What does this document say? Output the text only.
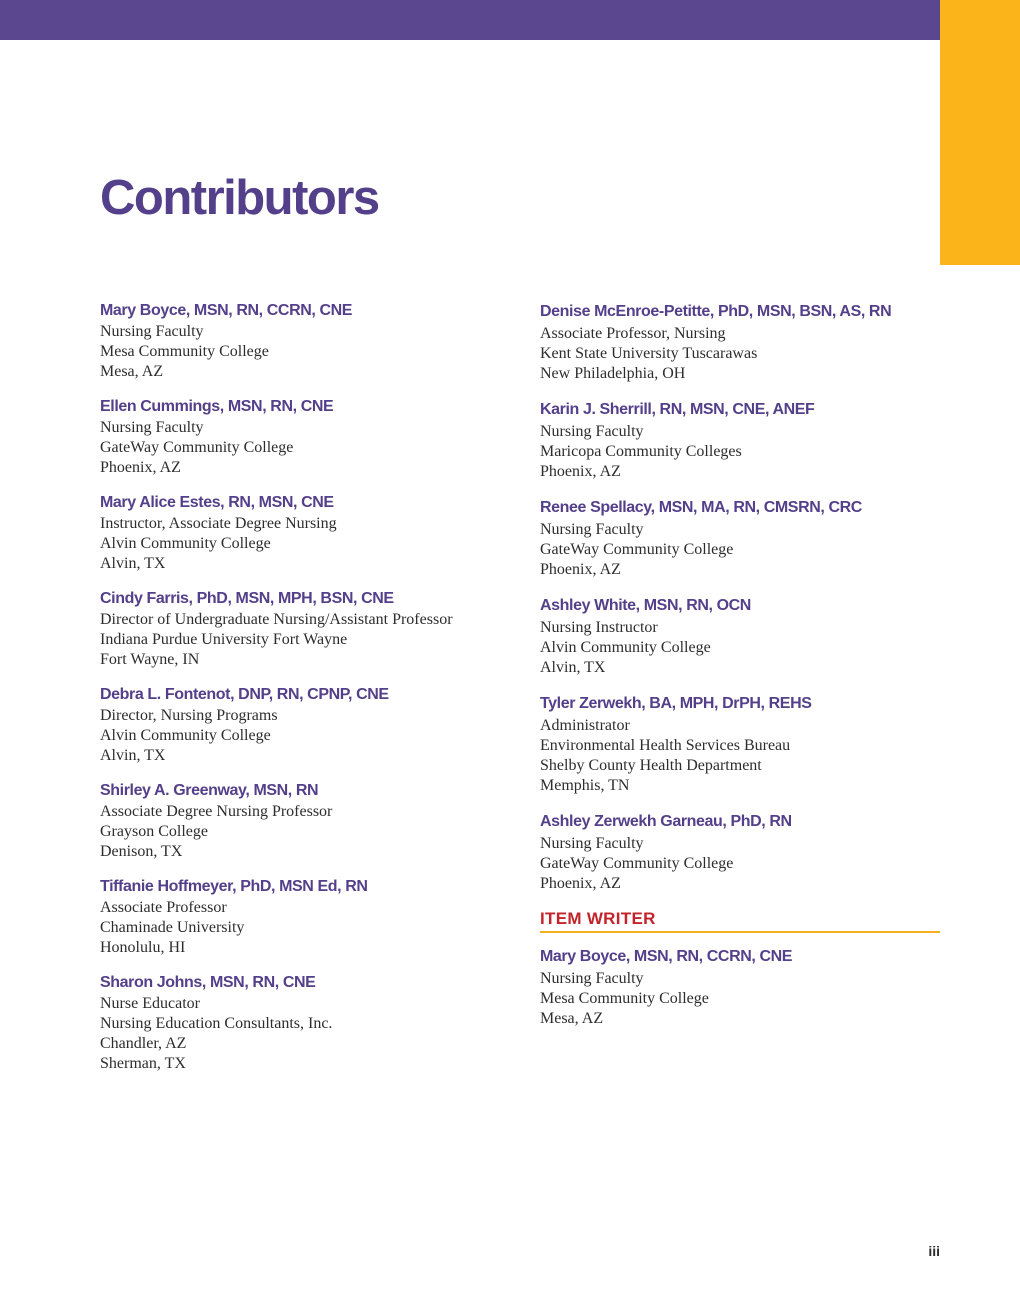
Contributors
Mary Boyce, MSN, RN, CCRN, CNE
Nursing Faculty
Mesa Community College
Mesa, AZ
Ellen Cummings, MSN, RN, CNE
Nursing Faculty
GateWay Community College
Phoenix, AZ
Mary Alice Estes, RN, MSN, CNE
Instructor, Associate Degree Nursing
Alvin Community College
Alvin, TX
Cindy Farris, PhD, MSN, MPH, BSN, CNE
Director of Undergraduate Nursing/Assistant Professor
Indiana Purdue University Fort Wayne
Fort Wayne, IN
Debra L. Fontenot, DNP, RN, CPNP, CNE
Director, Nursing Programs
Alvin Community College
Alvin, TX
Shirley A. Greenway, MSN, RN
Associate Degree Nursing Professor
Grayson College
Denison, TX
Tiffanie Hoffmeyer, PhD, MSN Ed, RN
Associate Professor
Chaminade University
Honolulu, HI
Sharon Johns, MSN, RN, CNE
Nurse Educator
Nursing Education Consultants, Inc.
Chandler, AZ
Sherman, TX
Denise McEnroe-Petitte, PhD, MSN, BSN, AS, RN
Associate Professor, Nursing
Kent State University Tuscarawas
New Philadelphia, OH
Karin J. Sherrill, RN, MSN, CNE, ANEF
Nursing Faculty
Maricopa Community Colleges
Phoenix, AZ
Renee Spellacy, MSN, MA, RN, CMSRN, CRC
Nursing Faculty
GateWay Community College
Phoenix, AZ
Ashley White, MSN, RN, OCN
Nursing Instructor
Alvin Community College
Alvin, TX
Tyler Zerwekh, BA, MPH, DrPH, REHS
Administrator
Environmental Health Services Bureau
Shelby County Health Department
Memphis, TN
Ashley Zerwekh Garneau, PhD, RN
Nursing Faculty
GateWay Community College
Phoenix, AZ
ITEM WRITER
Mary Boyce, MSN, RN, CCRN, CNE
Nursing Faculty
Mesa Community College
Mesa, AZ
iii
